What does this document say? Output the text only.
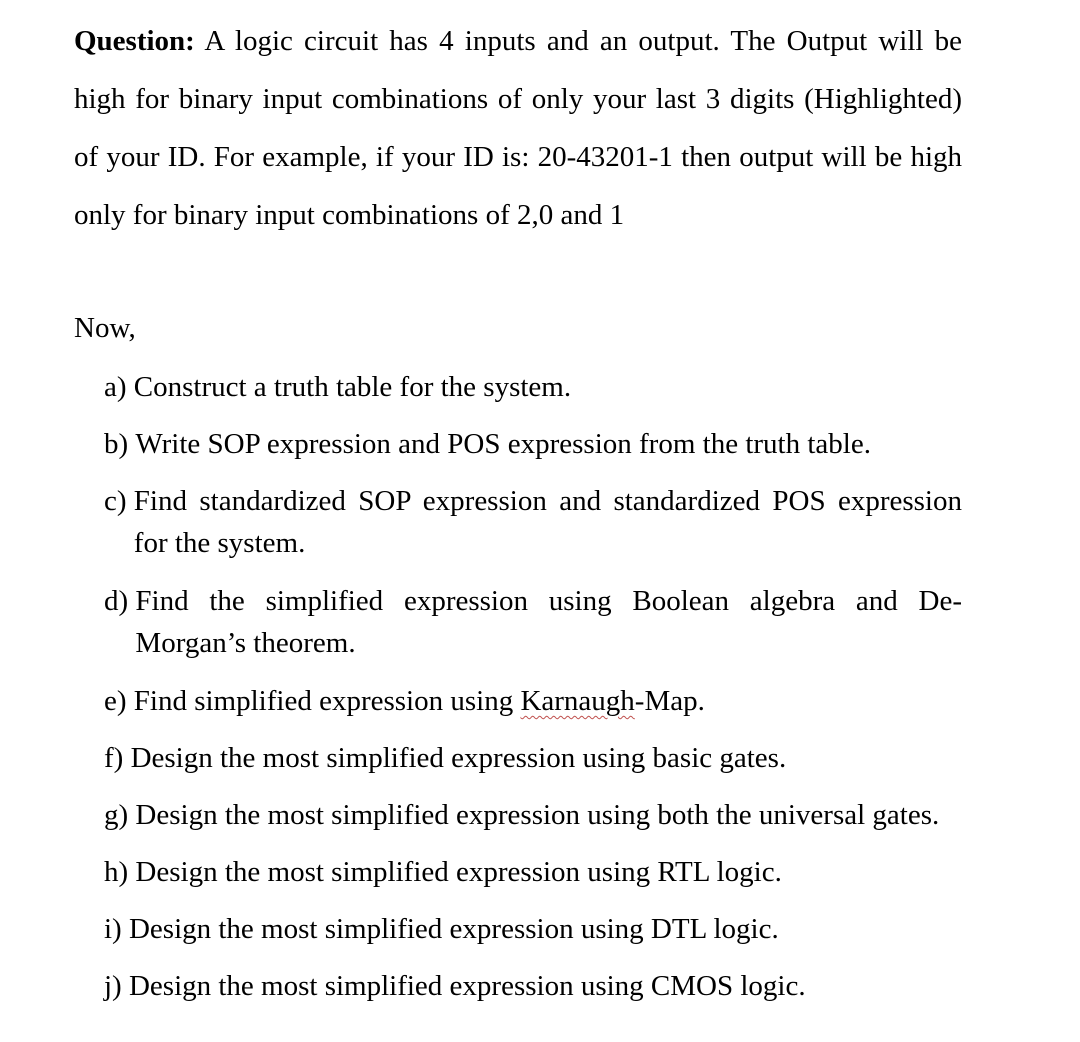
Question: A logic circuit has 4 inputs and an output. The Output will be high for binary input combinations of only your last 3 digits (Highlighted) of your ID. For example, if your ID is: 20-43201-1 then output will be high only for binary input combinations of 2,0 and 1

Now,
a) Construct a truth table for the system.
b) Write SOP expression and POS expression from the truth table.
c) Find standardized SOP expression and standardized POS expression for the system.
d) Find the simplified expression using Boolean algebra and De-Morgan’s theorem.
e) Find simplified expression using Karnaugh-Map.
f) Design the most simplified expression using basic gates.
g) Design the most simplified expression using both the universal gates.
h) Design the most simplified expression using RTL logic.
i) Design the most simplified expression using DTL logic.
j) Design the most simplified expression using CMOS logic.
